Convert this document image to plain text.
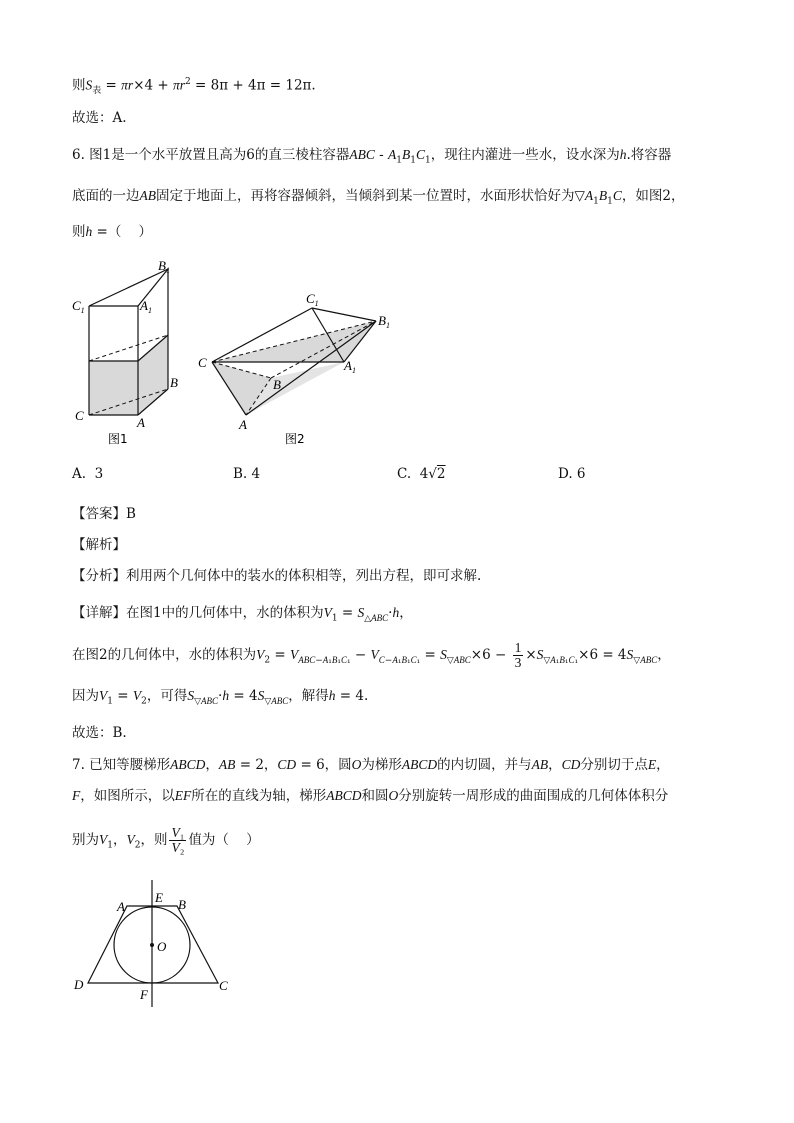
则$S_表 = \pi r\times 4 + \pi r^2 = 8\pi + 4\pi = 12\pi$.
故选：A.
6. 图1是一个水平放置且高为6的直三棱柱容器ABC - $A_1B_1C_1$，现往内灌进一些水，设水深为h.将容器
底面的一边AB固定于地面上，再将容器倾斜，当倾斜到某一位置时，水面形状恰好为$▽A_1B_1C$，如图2，
则h =（    ）
$B_1$
$C_1$	$A_1$
B
C	A
图1
$C_1$
$B_1$
C	$A_1$
B
A
图2
A.  3	B. 4	C.  4√2	D. 6
【答案】B
【解析】
【分析】利用两个几何体中的装水的体积相等，列出方程，即可求解.
【详解】在图1中的几何体中，水的体积为$V_1 = S_{\triangle ABC}\cdot h$，
在图2的几何体中，水的体积为$V_2 = V_{ABC-A_1B_1C_1} - V_{C-A_1B_1C_1} = S_{▽ABC}\times 6 - \frac{1}{3} \times S_{▽A_1B_1C_1}\times 6 = 4S_{▽ABC}$，
因为$V_1 = V_2$，可得$S_{▽ABC}\cdot h = 4S_{▽ABC}$，解得h = 4.
故选：B.
7. 已知等腰梯形ABCD，AB = 2，CD = 6，圆O为梯形ABCD的内切圆，并与AB，CD分别切于点E，
F，如图所示，以EF所在的直线为轴，梯形ABCD和圆O分别旋转一周形成的曲面围成的几何体体积分
别为$V_1$，$V_2$，则 $\frac{\text{V₁}}{\text{V₂}}$ 值为（    ）
A	B
E
O
D	C
F
